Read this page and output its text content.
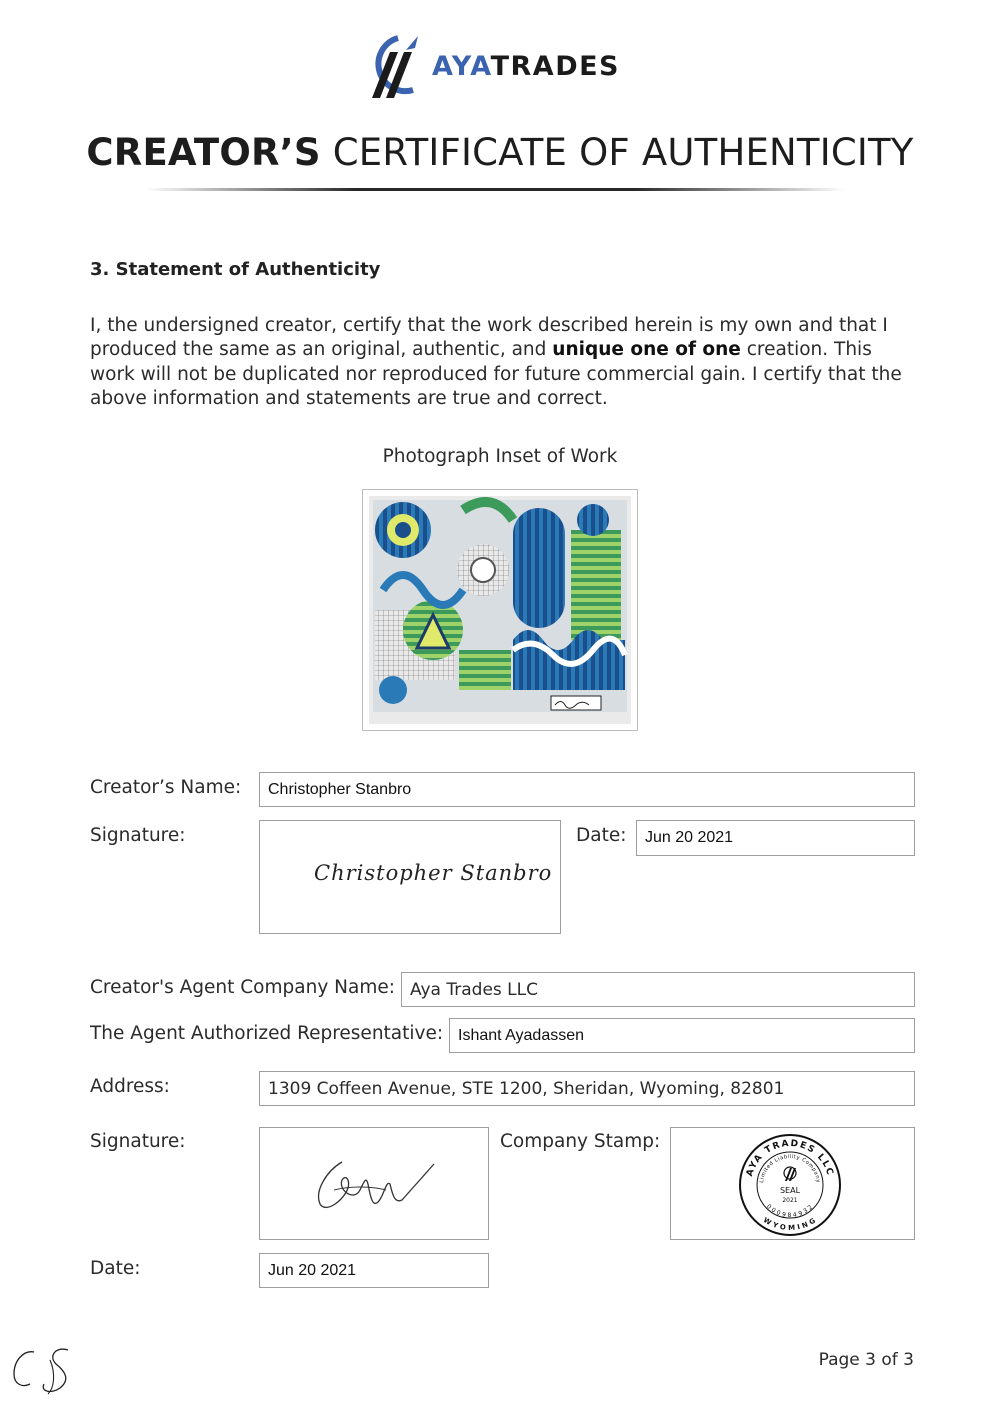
AYATRADES
CREATOR’S CERTIFICATE OF AUTHENTICITY
3. Statement of Authenticity
I, the undersigned creator, certify that the work described herein is my own and that I produced the same as an original, authentic, and unique one of one creation. This work will not be duplicated nor reproduced for future commercial gain. I certify that the above information and statements are true and correct.
Photograph Inset of Work
Creator’s Name: Christopher Stanbro
Signature:
Christopher Stanbro
Date: Jun 20 2021
Creator's Agent Company Name: Aya Trades LLC
The Agent Authorized Representative: Ishant Ayadassen
Address:	1309 Coffeen Avenue, STE 1200, Sheridan, Wyoming, 82801
Signature:	Company Stamp:
AYA TRADES LLC
Limited Liability Company
000984932
WYOMING
SEAL
2021
Date:	Jun 20 2021
Page 3 of 3
